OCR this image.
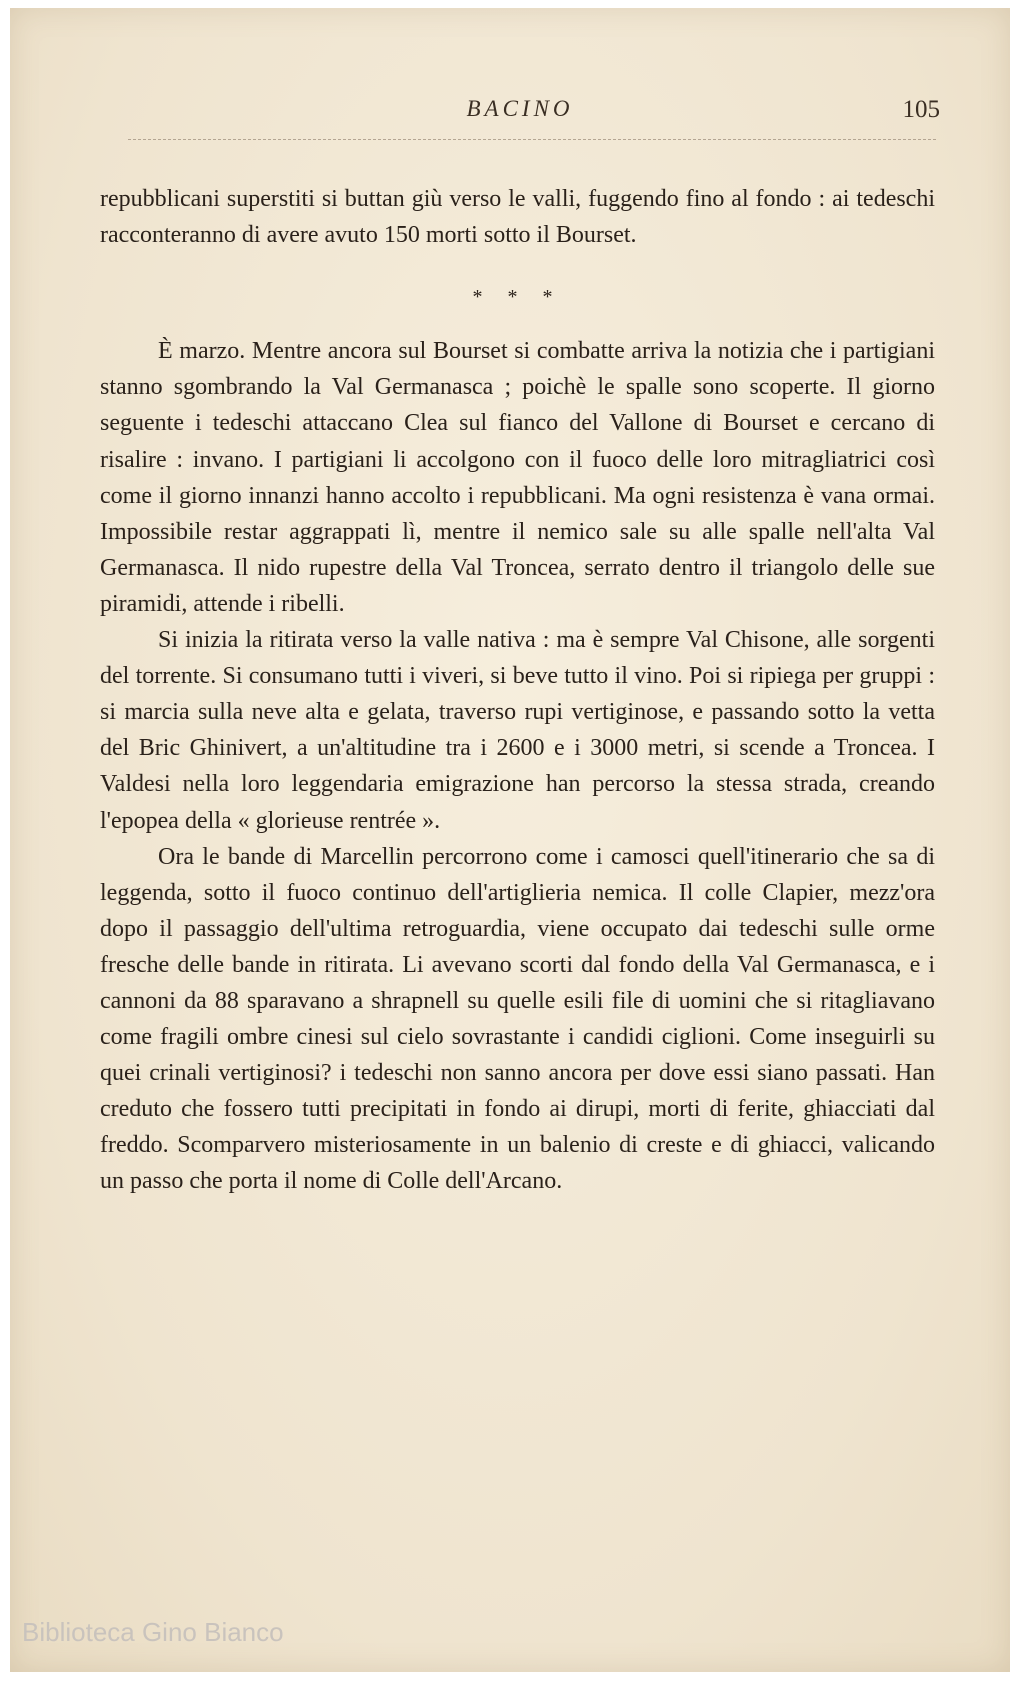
BACINO	105

repubblicani superstiti si buttan giù verso le valli, fuggendo fino al fondo : ai tedeschi racconteranno di avere avuto 150 morti sotto il Bourset.

* * *

È marzo. Mentre ancora sul Bourset si combatte arriva la notizia che i partigiani stanno sgombrando la Val Germanasca ; poichè le spalle sono scoperte. Il giorno seguente i tedeschi attaccano Clea sul fianco del Vallone di Bourset e cercano di risalire : invano. I partigiani li accolgono con il fuoco delle loro mitragliatrici così come il giorno innanzi hanno accolto i repubblicani. Ma ogni resistenza è vana ormai. Impossibile restar aggrappati lì, mentre il nemico sale su alle spalle nell'alta Val Germanasca. Il nido rupestre della Val Troncea, serrato dentro il triangolo delle sue piramidi, attende i ribelli.

Si inizia la ritirata verso la valle nativa : ma è sempre Val Chisone, alle sorgenti del torrente. Si consumano tutti i viveri, si beve tutto il vino. Poi si ripiega per gruppi : si marcia sulla neve alta e gelata, traverso rupi vertiginose, e passando sotto la vetta del Bric Ghinivert, a un'altitudine tra i 2600 e i 3000 metri, si scende a Troncea. I Valdesi nella loro leggendaria emigrazione han percorso la stessa strada, creando l'epopea della « glorieuse rentrée ».

Ora le bande di Marcellin percorrono come i camosci quell'itinerario che sa di leggenda, sotto il fuoco continuo dell'artiglieria nemica. Il colle Clapier, mezz'ora dopo il passaggio dell'ultima retroguardia, viene occupato dai tedeschi sulle orme fresche delle bande in ritirata. Li avevano scorti dal fondo della Val Germanasca, e i cannoni da 88 sparavano a shrapnell su quelle esili file di uomini che si ritagliavano come fragili ombre cinesi sul cielo sovrastante i candidi ciglioni. Come inseguirli su quei crinali vertiginosi? i tedeschi non sanno ancora per dove essi siano passati. Han creduto che fossero tutti precipitati in fondo ai dirupi, morti di ferite, ghiacciati dal freddo. Scomparvero misteriosamente in un balenio di creste e di ghiacci, valicando un passo che porta il nome di Colle dell'Arcano.

Biblioteca Gino Bianco
